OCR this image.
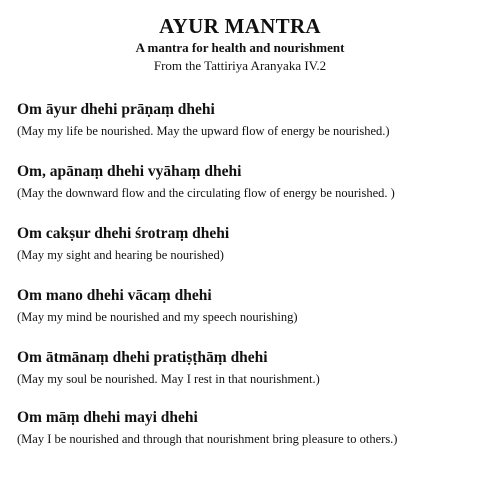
AYUR MANTRA
A mantra for health and nourishment
From the Tattiriya Aranyaka IV.2
Om āyur dhehi prāṇaṃ dhehi
(May my life be nourished. May the upward flow of energy be nourished.)
Om, apānaṃ dhehi vyāhaṃ dhehi
(May the downward flow and the circulating flow of energy be nourished. )
Om cakṣur dhehi śrotraṃ dhehi
(May my sight and hearing be nourished)
Om mano dhehi vācaṃ dhehi
(May my mind be nourished and my speech nourishing)
Om ātmānaṃ dhehi pratiṣṭhāṃ dhehi
(May my soul be nourished. May I rest in that nourishment.)
Om māṃ dhehi mayi dhehi
(May I be nourished and through that nourishment bring pleasure to others.)
